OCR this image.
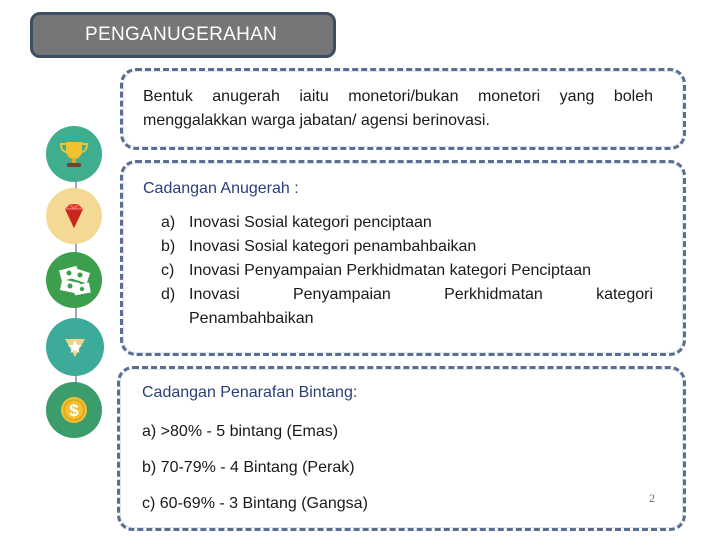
PENGANUGERAHAN
$
Bentuk anugerah iaitu monetori/bukan monetori yang boleh menggalakkan warga jabatan/ agensi berinovasi.
Cadangan Anugerah :
a) Inovasi Sosial kategori penciptaan
b) Inovasi Sosial kategori penambahbaikan
c) Inovasi Penyampaian Perkhidmatan kategori Penciptaan
d) Inovasi Penyampaian Perkhidmatan kategori
Penambahbaikan
Cadangan Penarafan Bintang:
a) >80% - 5 bintang (Emas)
b) 70-79% - 4 Bintang (Perak)
c) 60-69% - 3 Bintang (Gangsa)	2
